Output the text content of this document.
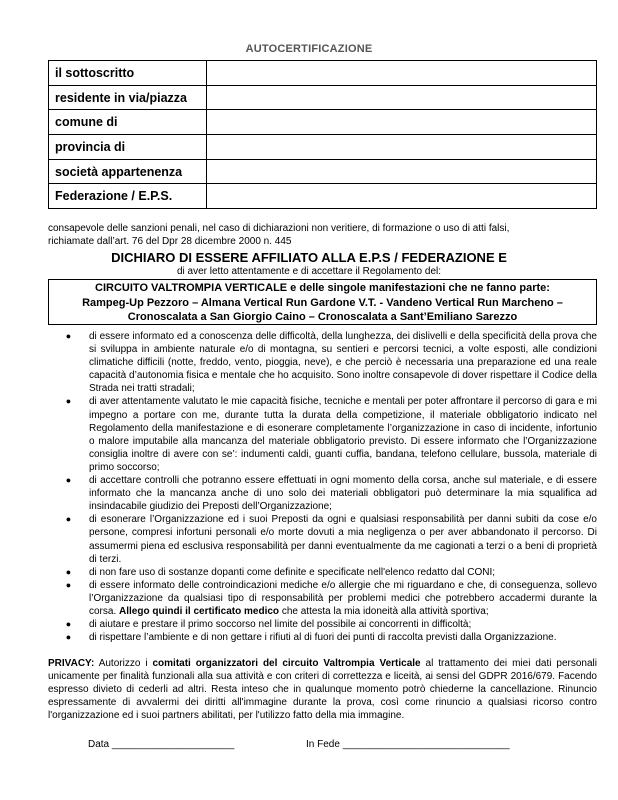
AUTOCERTIFICAZIONE
il sottoscritto	
residente in via/piazza	
comune di	
provincia di	
società appartenenza	
Federazione / E.P.S.	
consapevole delle sanzioni penali, nel caso di dichiarazioni non veritiere, di formazione o uso di atti falsi,
richiamate dall’art. 76 del Dpr 28 dicembre 2000 n. 445
DICHIARO DI ESSERE AFFILIATO ALLA E.P.S / FEDERAZIONE E
di aver letto attentamente e di accettare il Regolamento del:
CIRCUITO VALTROMPIA VERTICALE e delle singole manifestazioni che ne fanno parte:
Rampeg-Up Pezzoro – Almana Vertical Run Gardone V.T. - Vandeno Vertical Run Marcheno –
Cronoscalata a San Giorgio Caino – Cronoscalata a Sant’Emiliano Sarezzo
●	di essere informato ed a conoscenza delle difficoltà, della lunghezza, dei dislivelli e della specificità della prova che si sviluppa in ambiente naturale e/o di montagna, su sentieri e percorsi tecnici, a volte esposti, alle condizioni climatiche difficili (notte, freddo, vento, pioggia, neve), e che perciò è necessaria una preparazione ed una reale capacità d’autonomia fisica e mentale che ho acquisito. Sono inoltre consapevole di dover rispettare il Codice della Strada nei tratti stradali;
●	di aver attentamente valutato le mie capacità fisiche, tecniche e mentali per poter affrontare il percorso di gara e mi impegno a portare con me, durante tutta la durata della competizione, il materiale obbligatorio indicato nel Regolamento della manifestazione e di esonerare completamente l’organizzazione in caso di incidente, infortunio o malore imputabile alla mancanza del materiale obbligatorio previsto. Di essere informato che l’Organizzazione consiglia inoltre di avere con se’: indumenti caldi, guanti cuffia, bandana, telefono cellulare, bussola, materiale di primo soccorso;
●	di accettare controlli che potranno essere effettuati in ogni momento della corsa, anche sul materiale, e di essere informato che la mancanza anche di uno solo dei materiali obbligatori può determinare la mia squalifica ad insindacabile giudizio dei Preposti dell’Organizzazione;
●	di esonerare l’Organizzazione ed i suoi Preposti da ogni e qualsiasi responsabilità per danni subiti da cose e/o persone, compresi infortuni personali e/o morte dovuti a mia negligenza o per aver abbandonato il percorso. Di assumermi piena ed esclusiva responsabilità per danni eventualmente da me cagionati a terzi o a beni di proprietà di terzi.
●	di non fare uso di sostanze dopanti come definite e specificate nell'elenco redatto dal CONI;
●	di essere informato delle controindicazioni mediche e/o allergie che mi riguardano e che, di conseguenza, sollevo l’Organizzazione da qualsiasi tipo di responsabilità per problemi medici che potrebbero accadermi durante la corsa. Allego quindi il certificato medico che attesta la mia idoneità alla attività sportiva;
●	di aiutare e prestare il primo soccorso nel limite del possibile ai concorrenti in difficoltà;
●	di rispettare l’ambiente e di non gettare i rifiuti al di fuori dei punti di raccolta previsti dalla Organizzazione.
PRIVACY: Autorizzo i comitati organizzatori del circuito Valtrompia Verticale al trattamento dei miei dati personali unicamente per finalità funzionali alla sua attività e con criteri di correttezza e liceità, ai sensi del GDPR 2016/679. Facendo espresso divieto di cederli ad altri. Resta inteso che in qualunque momento potrò chiederne la cancellazione. Rinuncio espressamente di avvalermi dei diritti all'immagine durante la prova, così come rinuncio a qualsiasi ricorso contro l'organizzazione ed i suoi partners abilitati, per l'utilizzo fatto della mia immagine.
Data ______________________	In Fede ______________________________
